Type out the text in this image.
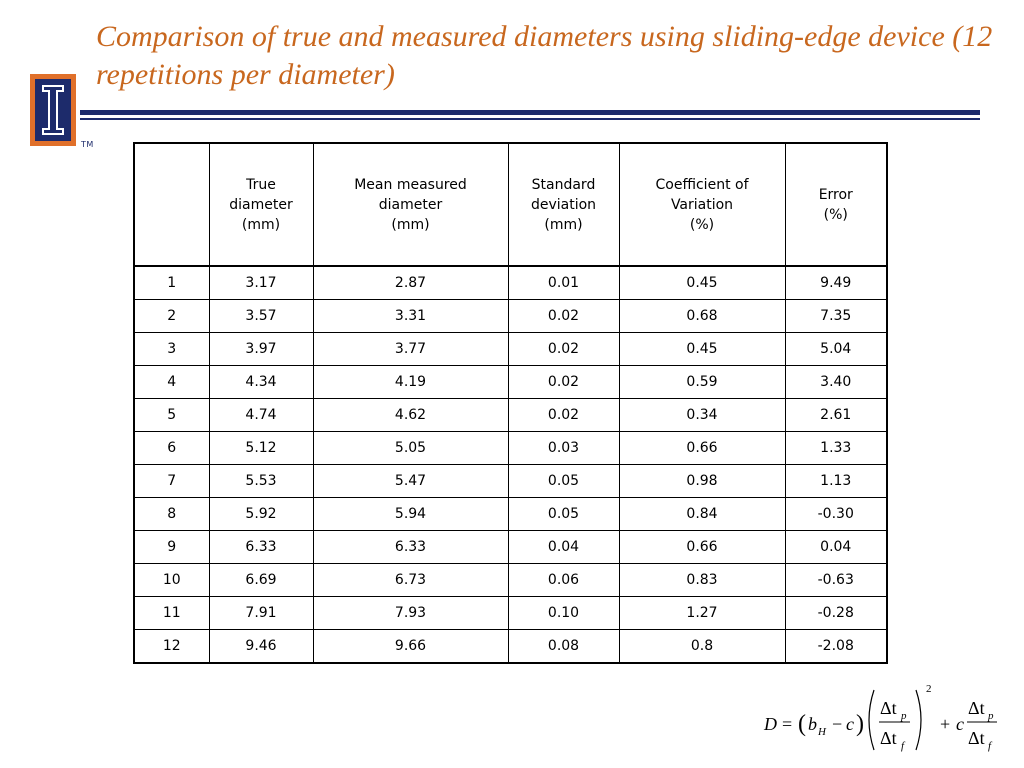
Comparison of true and measured diameters using sliding-edge device (12 repetitions per diameter)
TM

	True
diameter
(mm)	Mean measured
diameter
(mm)	Standard
deviation
(mm)	Coefficient of
Variation
(%)	Error
(%)

1	3.17	2.87	0.01	0.45	9.49
2	3.57	3.31	0.02	0.68	7.35
3	3.97	3.77	0.02	0.45	5.04
4	4.34	4.19	0.02	0.59	3.40
5	4.74	4.62	0.02	0.34	2.61
6	5.12	5.05	0.03	0.66	1.33
7	5.53	5.47	0.05	0.98	1.13
8	5.92	5.94	0.05	0.84	-0.30
9	6.33	6.33	0.04	0.66	0.04
10	6.69	6.73	0.06	0.83	-0.63
11	7.91	7.93	0.10	1.27	-0.28
12	9.46	9.66	0.08	0.8	-2.08
D = ( b H − c )
Δt p
Δt f
2
+ c
Δt p
Δt f
